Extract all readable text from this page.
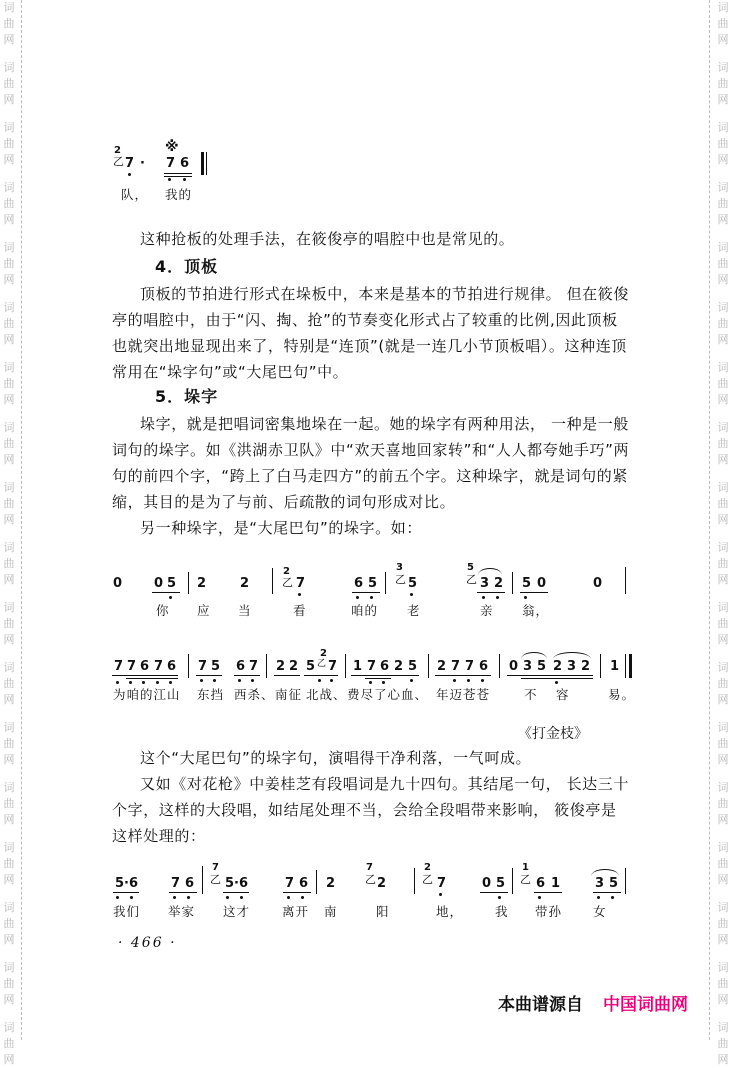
词
曲
网
词
曲
网
词
曲
网
词
曲
网
词
曲
网
词
曲
网
词
曲
网
词
曲
网
词
曲
网
词
曲
网
词
曲
网
词
曲
网
词
曲
网
词
曲
网
词
曲
网
词
曲
网
词
曲
网
词
曲
网
词
曲
网
词
曲
网
词
曲
网
词
曲
网
词
曲
网
词
曲
网
词
曲
网
词
曲
网
词
曲
网
词
曲
网
词
曲
网
词
曲
网
词
曲
网
词
曲
网
词
曲
网
词
曲
网
词
曲
网
词
曲
网
2
乙 7 ·
※
7 6
队， 我的

这种抢板的处理手法，在筱俊亭的唱腔中也是常见的。

4．顶板

顶板的节拍进行形式在垛板中，本来是基本的节拍进行规律。 但在筱俊亭的唱腔中，由于“闪、掏、抢”的节奏变化形式占了较重的比例,因此顶板也就突出地显现出来了，特别是“连顶”(就是一连几小节顶板唱）。这种连顶常用在“垛字句”或“大尾巴句”中。

5．垛字

垛字，就是把唱词密集地垛在一起。她的垛字有两种用法， 一种是一般词句的垛字。如《洪湖赤卫队》中“欢天喜地回家转”和“人人都夸她手巧”两句的前四个字，“跨上了白马走四方”的前五个字。这种垛字，就是词句的紧缩，其目的是为了与前、后疏散的词句形成对比。

另一种垛字，是“大尾巴句”的垛字。如：

0 0 5 2	2
2
乙 7	6 5
3
乙 5
5
乙 3 2 5 0	0
你 应 当	看	咱的 老	亲 翁，
7 7 6 7 6 7 5 6 7 2 2 5
2
乙 7 1 7 6 2 5 2 7 7 6 0 3 5 2 3 2 1
为咱的江山 东挡 西杀、 南征 北战、 费尽了心血、 年迈苍苍	不 容	易。
《打金枝》

这个“大尾巴句”的垛字句，演唱得干净利落，一气呵成。

又如《对花枪》中姜桂芝有段唱词是九十四句。其结尾一句， 长达三十个字，这样的大段唱，如结尾处理不当，会给全段唱带来影响， 筱俊亭是这样处理的：

5·6	7 6
7
乙 5·6	7 6 2
7
乙 2
2
乙 7	0 5
1
乙 6 1	3 5
我们 举家 这才	离开 南	阳	地，	我 带孙 女
· 466 ·
本曲谱源自 中国词曲网
